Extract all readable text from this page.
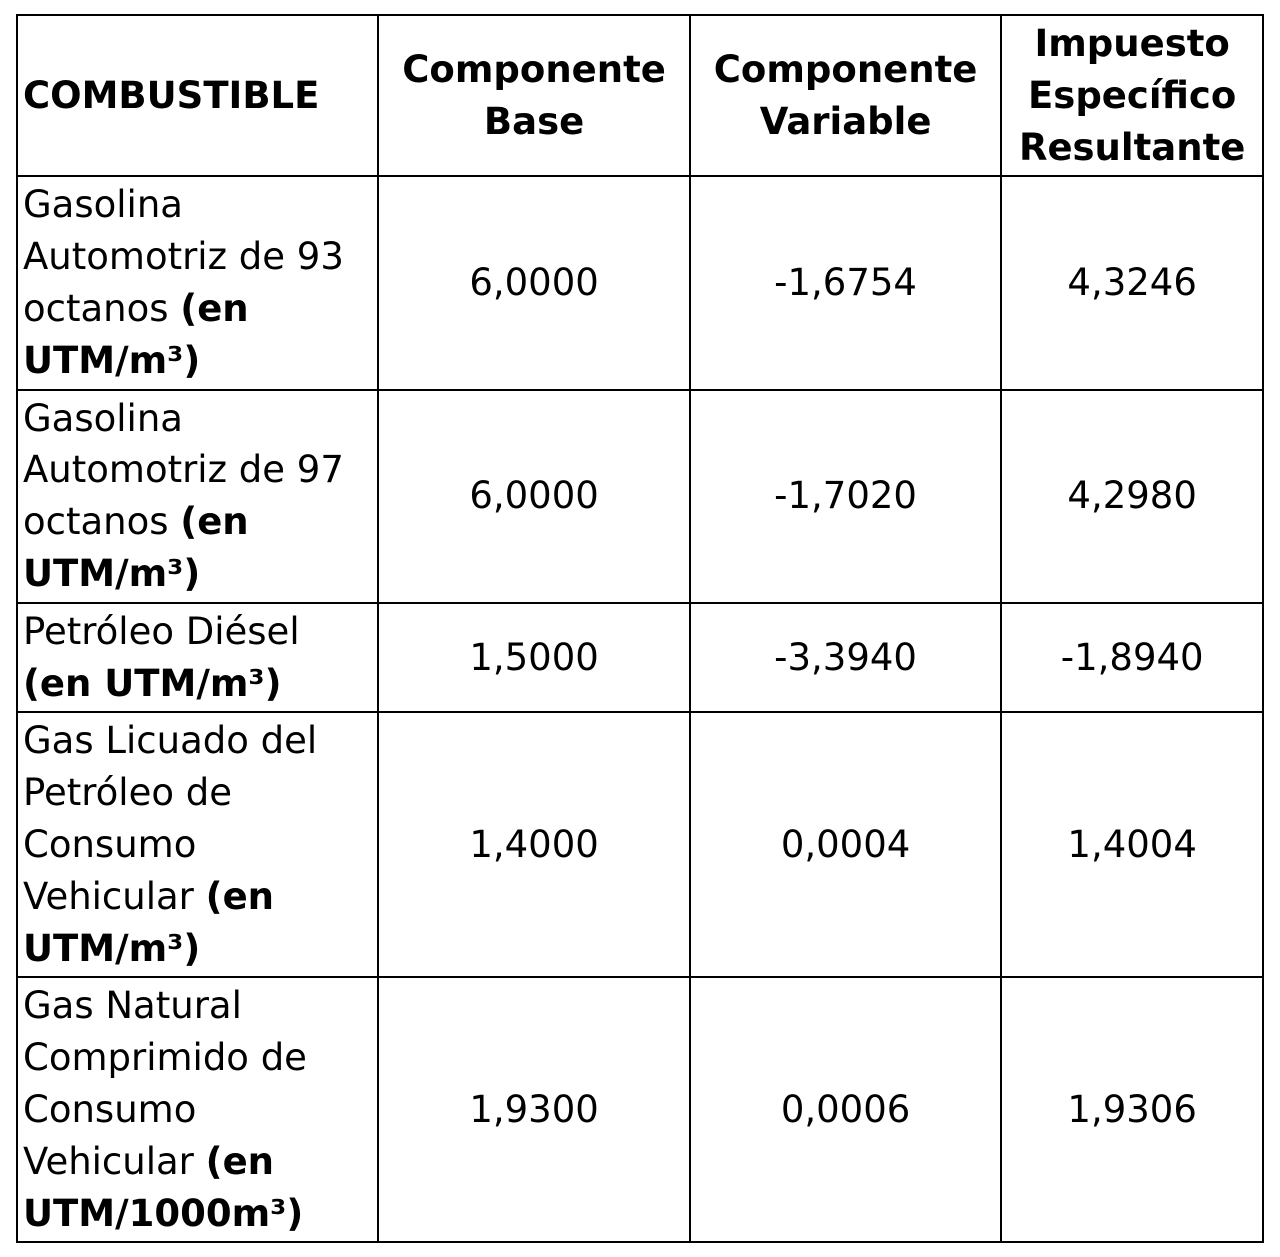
COMBUSTIBLE	Componente Base	Componente Variable	Impuesto Específico Resultante
Gasolina Automotriz de 93 octanos (en UTM/m³)	6,0000	-1,6754	4,3246
Gasolina Automotriz de 97 octanos (en UTM/m³)	6,0000	-1,7020	4,2980
Petróleo Diésel (en UTM/m³)	1,5000	-3,3940	-1,8940
Gas Licuado del Petróleo de Consumo Vehicular (en UTM/m³)	1,4000	0,0004	1,4004
Gas Natural Comprimido de Consumo Vehicular (en UTM/1000m³)	1,9300	0,0006	1,9306
